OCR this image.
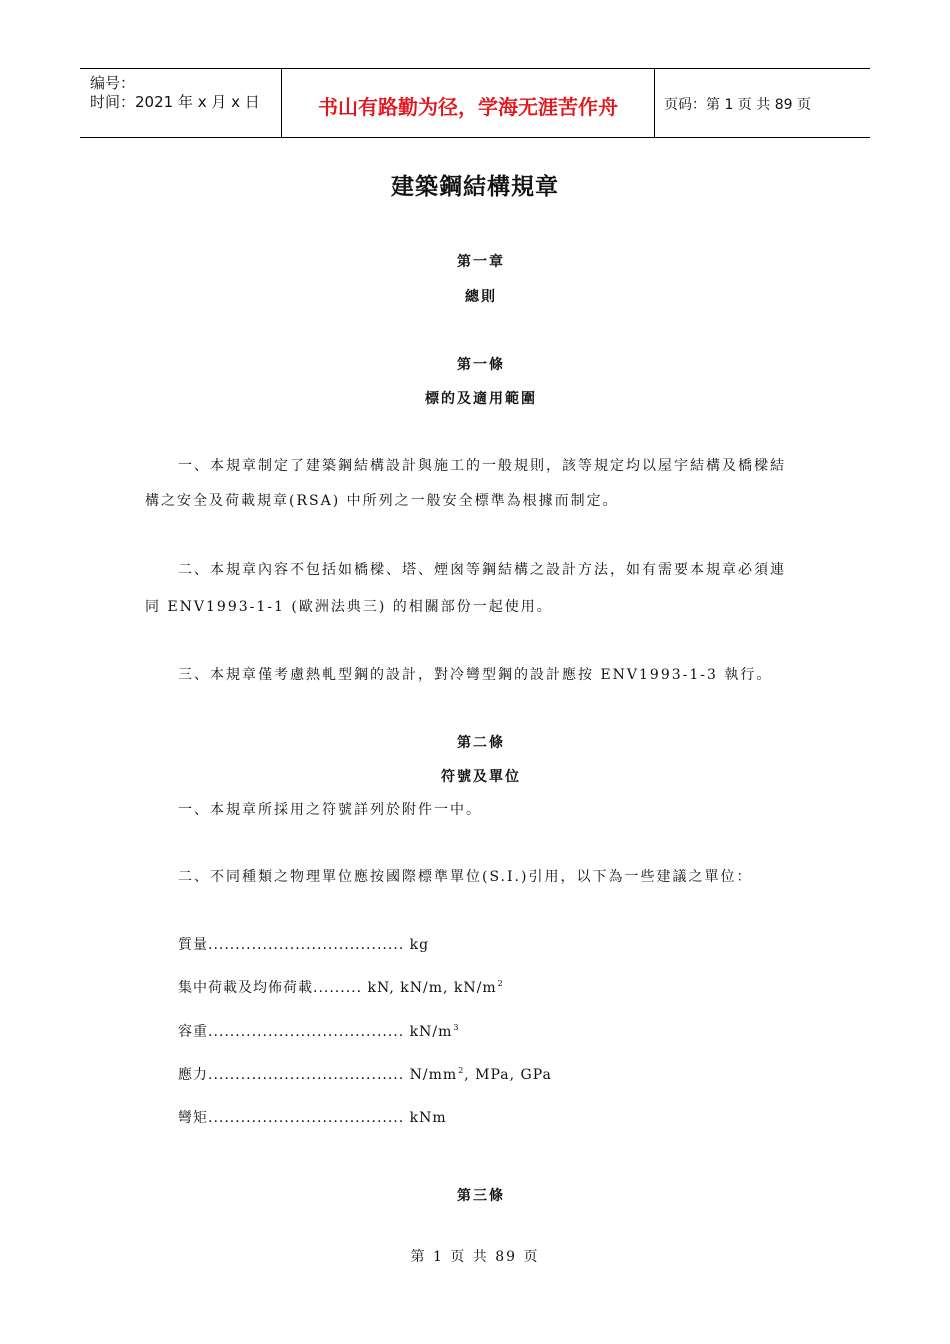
编号：
时间：2021 年 x 月 x 日	书山有路勤为径，学海无涯苦作舟	页码：第 1 页 共 89 页
建築鋼結構規章
第一章
總則
第一條
標的及適用範圍
一、本規章制定了建築鋼結構設計與施工的一般規則，該等規定均以屋宇結構及橋樑結
構之安全及荷載規章(RSA) 中所列之一般安全標準為根據而制定。
二、本規章內容不包括如橋樑、塔、煙囪等鋼結構之設計方法，如有需要本規章必須連
同 ENV1993-1-1 (歐洲法典三) 的相關部份一起使用。
三、本規章僅考慮熱軋型鋼的設計，對冷彎型鋼的設計應按 ENV1993-1-3 執行。
第二條
符號及單位
一、本規章所採用之符號詳列於附件一中。
二、不同種類之物理單位應按國際標準單位(S.I.)引用，以下為一些建議之單位：
質量.................................... kg
集中荷載及均佈荷載......... kN, kN/m, $kN/m^2$
容重.................................... $kN/m^3$
應力.................................... $N/mm^2$, MPa, GPa
彎矩.................................... kNm
第三條
第 1 页 共 89 页
